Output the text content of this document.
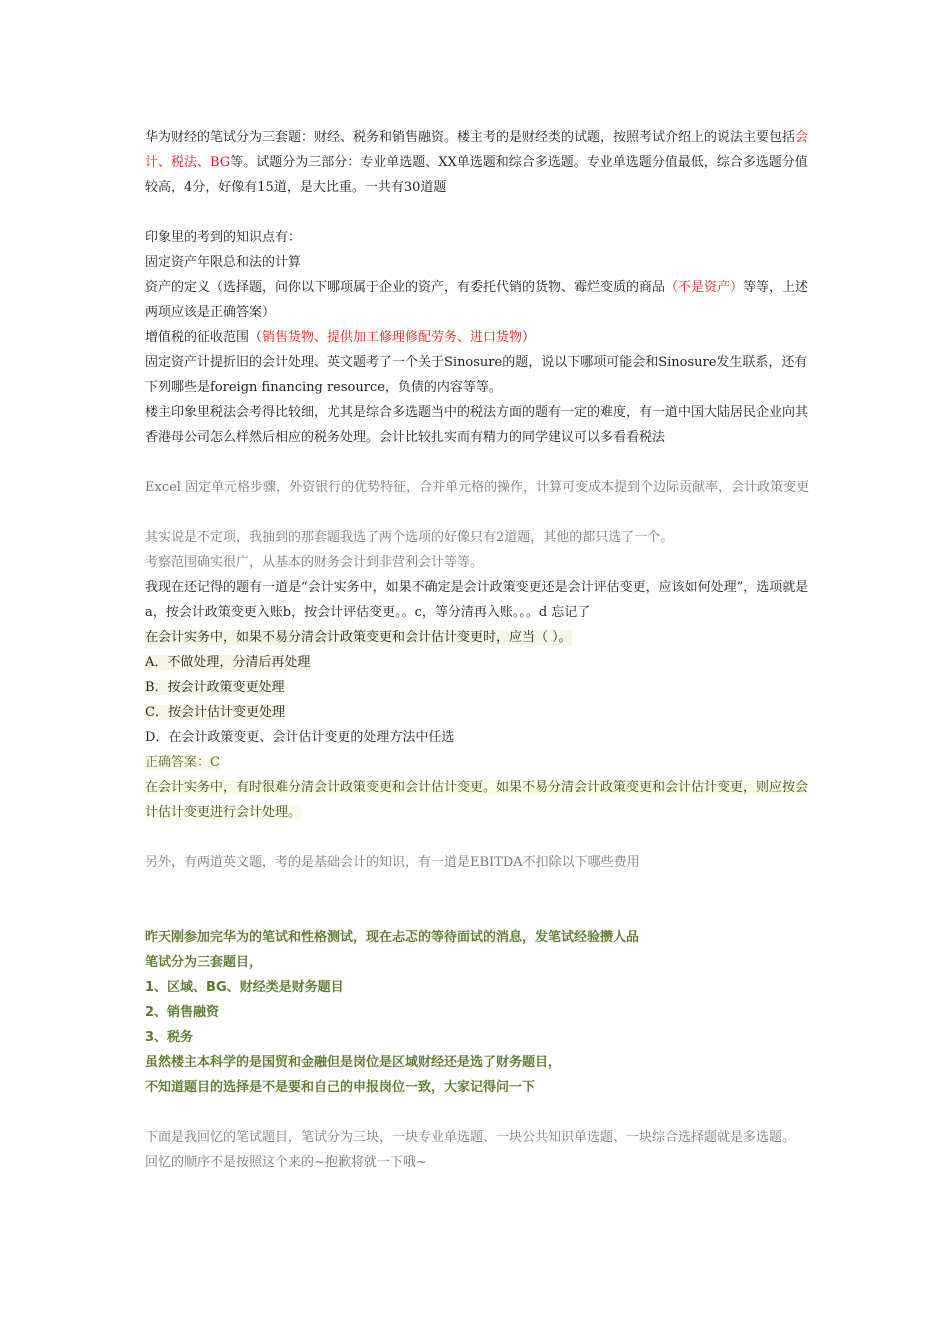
华为财经的笔试分为三套题：财经、税务和销售融资。楼主考的是财经类的试题，按照考试介绍上的说法主要包括会计、税法、BG等。试题分为三部分：专业单选题、XX单选题和综合多选题。专业单选题分值最低，综合多选题分值较高，4分，好像有15道，是大比重。一共有30道题

印象里的考到的知识点有：

固定资产年限总和法的计算

资产的定义（选择题，问你以下哪项属于企业的资产，有委托代销的货物、霉烂变质的商品（不是资产）等等，上述两项应该是正确答案）

增值税的征收范围（销售货物、提供加工修理修配劳务、进口货物）

固定资产计提折旧的会计处理、英文题考了一个关于Sinosure的题，说以下哪项可能会和Sinosure发生联系，还有下列哪些是foreign financing resource，负债的内容等等。

楼主印象里税法会考得比较细，尤其是综合多选题当中的税法方面的题有一定的难度，有一道中国大陆居民企业向其香港母公司怎么样然后相应的税务处理。会计比较扎实而有精力的同学建议可以多看看税法

Excel 固定单元格步骤，外资银行的优势特征，合并单元格的操作，计算可变成本提到个边际贡献率，会计政策变更

其实说是不定项，我抽到的那套题我选了两个选项的好像只有2道题，其他的都只选了一个。

考察范围确实很广，从基本的财务会计到非营利会计等等。

我现在还记得的题有一道是“会计实务中，如果不确定是会计政策变更还是会计评估变更，应该如何处理”，选项就是a，按会计政策变更入账b，按会计评估变更。。c，等分清再入账。。。d 忘记了

在会计实务中，如果不易分清会计政策变更和会计估计变更时，应当（ ）。

A．不做处理，分清后再处理

B．按会计政策变更处理

C．按会计估计变更处理

D．在会计政策变更、会计估计变更的处理方法中任选

正确答案：C

在会计实务中，有时很难分清会计政策变更和会计估计变更。如果不易分清会计政策变更和会计估计变更，则应按会计估计变更进行会计处理。

另外，有两道英文题，考的是基础会计的知识，有一道是EBITDA不扣除以下哪些费用

昨天刚参加完华为的笔试和性格测试，现在忐忑的等待面试的消息，发笔试经验攒人品

笔试分为三套题目，

1、区域、BG、财经类是财务题目

2、销售融资

3、税务

虽然楼主本科学的是国贸和金融但是岗位是区域财经还是选了财务题目，

不知道题目的选择是不是要和自己的申报岗位一致，大家记得问一下

下面是我回忆的笔试题目，笔试分为三块，一块专业单选题、一块公共知识单选题、一块综合选择题就是多选题。

回忆的顺序不是按照这个来的~抱歉将就一下哦~
